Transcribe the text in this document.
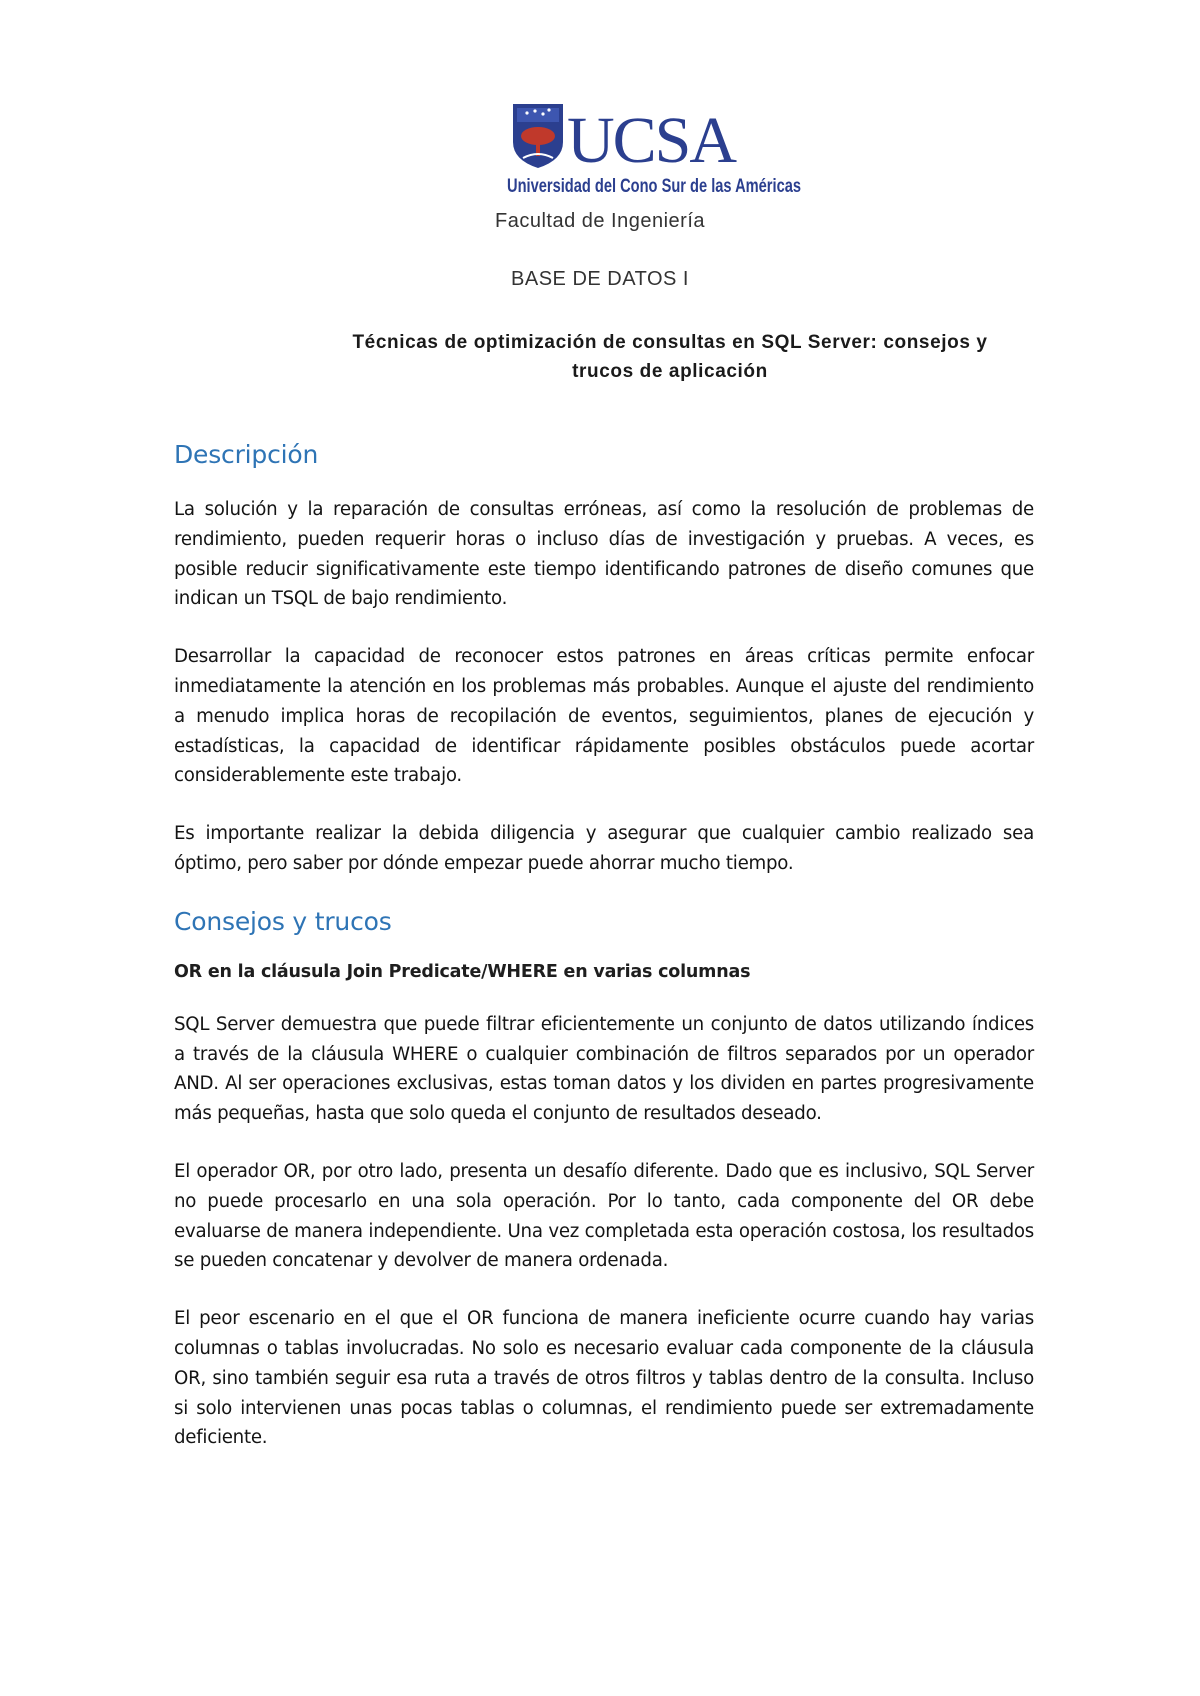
UCSA
Universidad del Cono Sur de las Américas

Facultad de Ingeniería

BASE DE DATOS I

Técnicas de optimización de consultas en SQL Server: consejos y
trucos de aplicación
Descripción

La solución y la reparación de consultas erróneas, así como la resolución de problemas de rendimiento, pueden requerir horas o incluso días de investigación y pruebas. A veces, es posible reducir significativamente este tiempo identificando patrones de diseño comunes que indican un TSQL de bajo rendimiento.

Desarrollar la capacidad de reconocer estos patrones en áreas críticas permite enfocar inmediatamente la atención en los problemas más probables. Aunque el ajuste del rendimiento a menudo implica horas de recopilación de eventos, seguimientos, planes de ejecución y estadísticas, la capacidad de identificar rápidamente posibles obstáculos puede acortar considerablemente este trabajo.

Es importante realizar la debida diligencia y asegurar que cualquier cambio realizado sea óptimo, pero saber por dónde empezar puede ahorrar mucho tiempo.

Consejos y trucos
OR en la cláusula Join Predicate/WHERE en varias columnas

SQL Server demuestra que puede filtrar eficientemente un conjunto de datos utilizando índices a través de la cláusula WHERE o cualquier combinación de filtros separados por un operador AND. Al ser operaciones exclusivas, estas toman datos y los dividen en partes progresivamente más pequeñas, hasta que solo queda el conjunto de resultados deseado.

El operador OR, por otro lado, presenta un desafío diferente. Dado que es inclusivo, SQL Server no puede procesarlo en una sola operación. Por lo tanto, cada componente del OR debe evaluarse de manera independiente. Una vez completada esta operación costosa, los resultados se pueden concatenar y devolver de manera ordenada.

El peor escenario en el que el OR funciona de manera ineficiente ocurre cuando hay varias columnas o tablas involucradas. No solo es necesario evaluar cada componente de la cláusula OR, sino también seguir esa ruta a través de otros filtros y tablas dentro de la consulta. Incluso si solo intervienen unas pocas tablas o columnas, el rendimiento puede ser extremadamente deficiente.
